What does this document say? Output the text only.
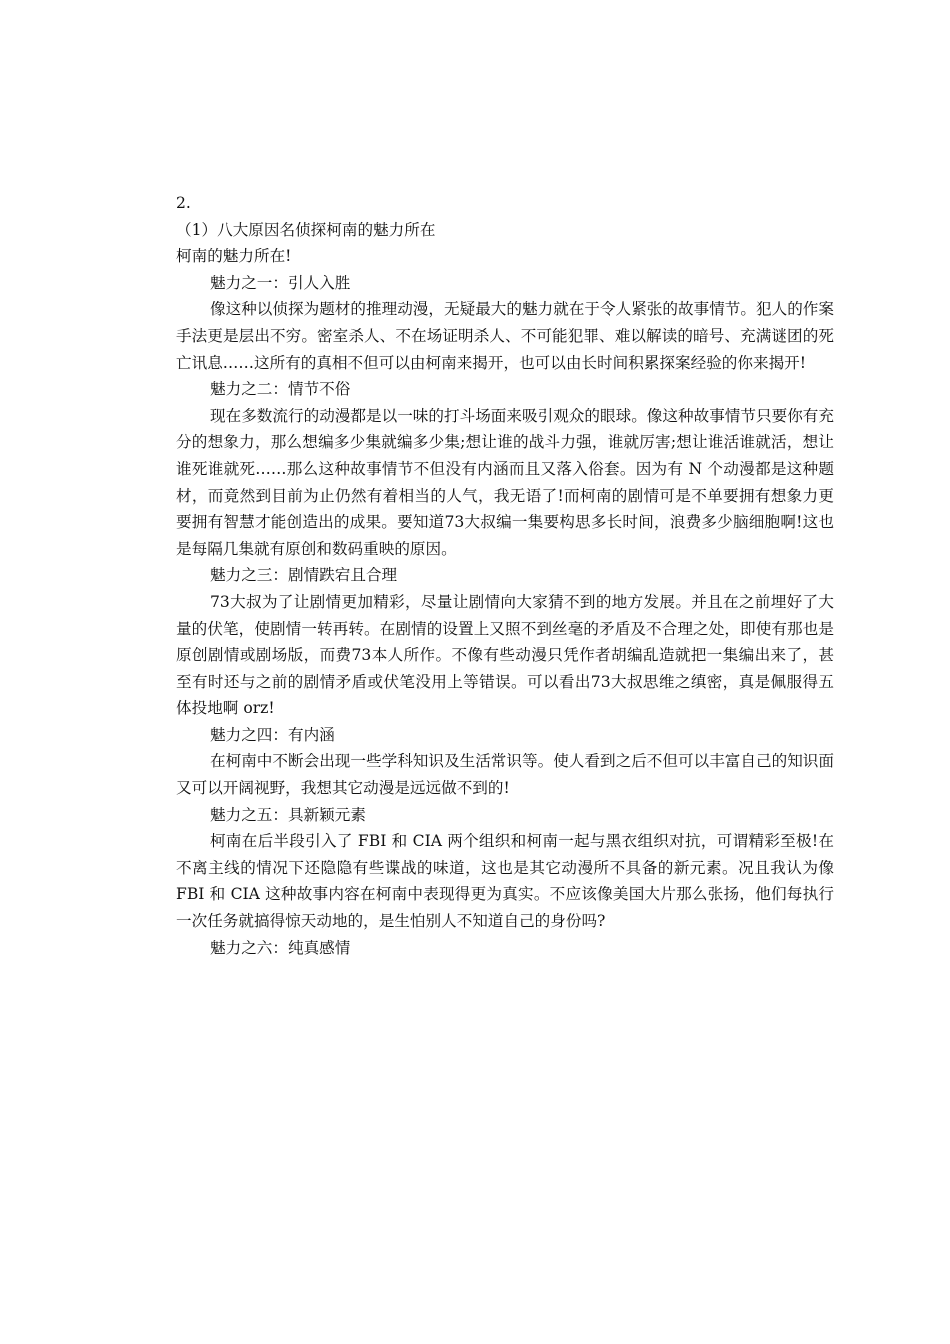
2.

（1）八大原因名侦探柯南的魅力所在

柯南的魅力所在!

魅力之一：引人入胜

像这种以侦探为题材的推理动漫，无疑最大的魅力就在于令人紧张的故事情节。犯人的作案手法更是层出不穷。密室杀人、不在场证明杀人、不可能犯罪、难以解读的暗号、充满谜团的死亡讯息……这所有的真相不但可以由柯南来揭开，也可以由长时间积累探案经验的你来揭开!

魅力之二：情节不俗

现在多数流行的动漫都是以一味的打斗场面来吸引观众的眼球。像这种故事情节只要你有充分的想象力，那么想编多少集就编多少集;想让谁的战斗力强，谁就厉害;想让谁活谁就活，想让谁死谁就死……那么这种故事情节不但没有内涵而且又落入俗套。因为有 N 个动漫都是这种题材，而竟然到目前为止仍然有着相当的人气，我无语了!而柯南的剧情可是不单要拥有想象力更要拥有智慧才能创造出的成果。要知道73大叔编一集要构思多长时间，浪费多少脑细胞啊!这也是每隔几集就有原创和数码重映的原因。

魅力之三：剧情跌宕且合理

73大叔为了让剧情更加精彩，尽量让剧情向大家猜不到的地方发展。并且在之前埋好了大量的伏笔，使剧情一转再转。在剧情的设置上又照不到丝毫的矛盾及不合理之处，即使有那也是原创剧情或剧场版，而费73本人所作。不像有些动漫只凭作者胡编乱造就把一集编出来了，甚至有时还与之前的剧情矛盾或伏笔没用上等错误。可以看出73大叔思维之缜密，真是佩服得五体投地啊 orz!

魅力之四：有内涵

在柯南中不断会出现一些学科知识及生活常识等。使人看到之后不但可以丰富自己的知识面又可以开阔视野，我想其它动漫是远远做不到的!

魅力之五：具新颖元素

柯南在后半段引入了 FBI 和 CIA 两个组织和柯南一起与黑衣组织对抗，可谓精彩至极!在不离主线的情况下还隐隐有些谍战的味道，这也是其它动漫所不具备的新元素。况且我认为像 FBI 和 CIA 这种故事内容在柯南中表现得更为真实。不应该像美国大片那么张扬，他们每执行一次任务就搞得惊天动地的，是生怕别人不知道自己的身份吗?

魅力之六：纯真感情
